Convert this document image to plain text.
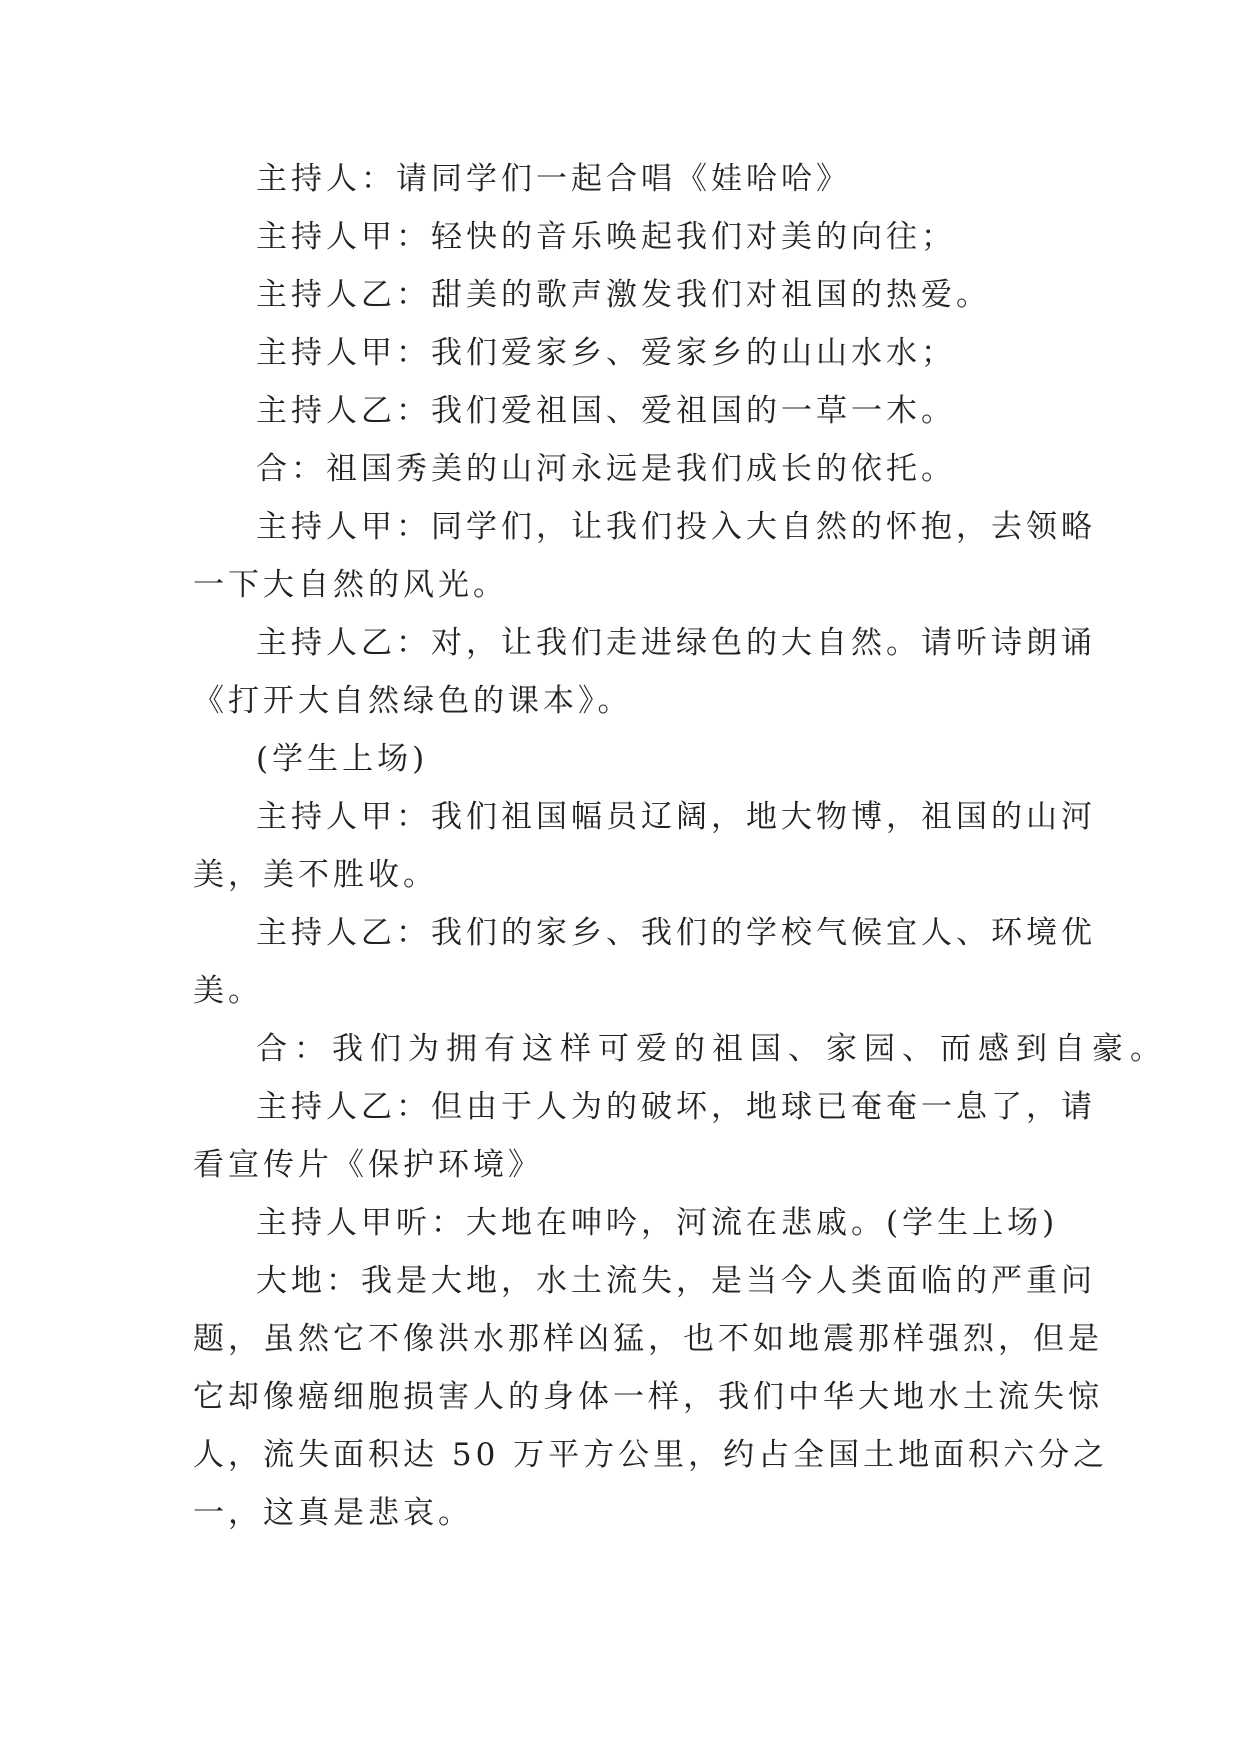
主持人：请同学们一起合唱《娃哈哈》

主持人甲：轻快的音乐唤起我们对美的向往；

主持人乙：甜美的歌声激发我们对祖国的热爱。

主持人甲：我们爱家乡、爱家乡的山山水水；

主持人乙：我们爱祖国、爱祖国的一草一木。

合：祖国秀美的山河永远是我们成长的依托。

主持人甲：同学们，让我们投入大自然的怀抱，去领略

一下大自然的风光。

主持人乙：对，让我们走进绿色的大自然。请听诗朗诵

《打开大自然绿色的课本》。

(学生上场)

主持人甲：我们祖国幅员辽阔，地大物博，祖国的山河

美，美不胜收。

主持人乙：我们的家乡、我们的学校气候宜人、环境优

美。

合：我们为拥有这样可爱的祖国、家园、而感到自豪。

主持人乙：但由于人为的破坏，地球已奄奄一息了，请

看宣传片《保护环境》

主持人甲听：大地在呻吟，河流在悲戚。(学生上场)

大地：我是大地，水土流失，是当今人类面临的严重问

题，虽然它不像洪水那样凶猛，也不如地震那样强烈，但是

它却像癌细胞损害人的身体一样，我们中华大地水土流失惊

人，流失面积达 50 万平方公里，约占全国土地面积六分之

一，这真是悲哀。
